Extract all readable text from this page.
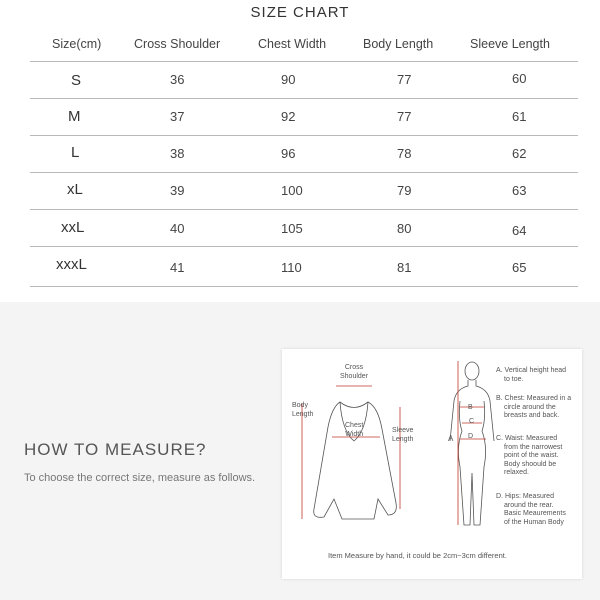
SIZE CHART
Size(cm)	Cross Shoulder	Chest Width	Body Length	Sleeve Length
S	36	90	77	60
M	37	92	77	61
L	38	96	78	62
xL	39	100	79	63
xxL	40	105	80	64
xxxL	41	110	81	65
HOW TO MEASURE?
To choose the correct size, measure as follows.
Cross
Shoulder
Body
Length
Chest
Width	Sleeve
Length	A
B
C
D
A. Vertical height head
to toe.
B. Chest: Measured in a
circle around the
breasts and back.
C. Waist: Measured
from the narrowest
point of the waist.
Body shoould be
relaxed.
D. Hips: Measured
around the rear.
Basic Meaurements
of the Human Body
Item Measure by hand, it could be 2cm~3cm different.
